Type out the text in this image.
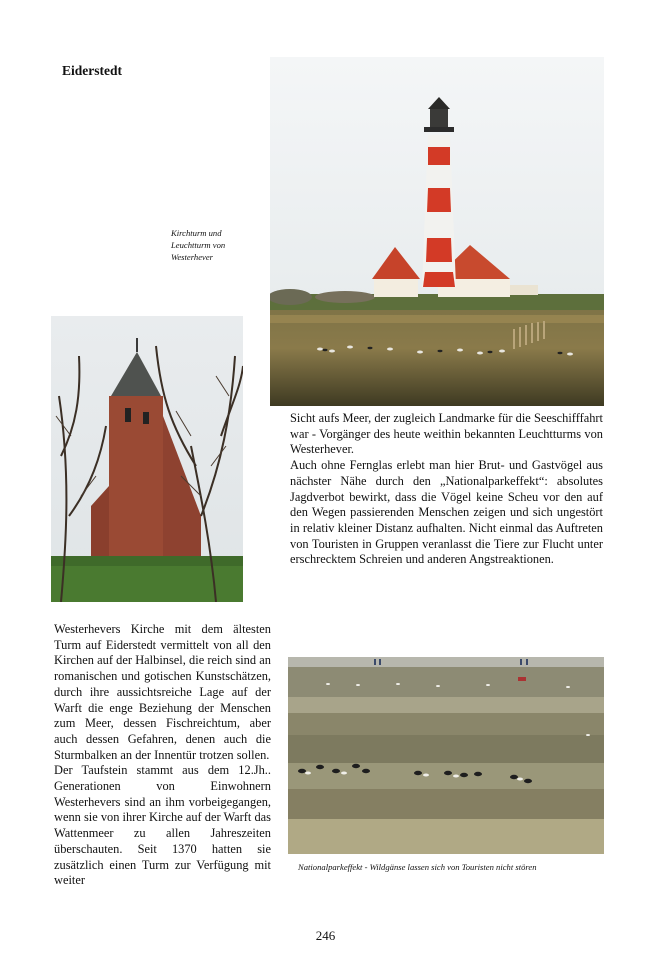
Eiderstedt
Kirchturm und Leuchtturm von Westerhever
Nationalparkeffekt - Wildgänse lassen sich von Touristen nicht stören

Sicht aufs Meer, der zugleich Landmarke für die Seeschifffahrt war - Vorgänger des heute weithin bekannten Leuchtturms von Westerhever.

Auch ohne Fernglas erlebt man hier Brut- und Gastvögel aus nächster Nähe durch den „Nationalparkeffekt“: absolutes Jagdverbot bewirkt, dass die Vögel keine Scheu vor den auf den Wegen passierenden Menschen zeigen und sich ungestört in relativ kleiner Distanz aufhalten. Nicht einmal das Auftreten von Touristen in Gruppen veranlasst die Tiere zur Flucht unter erschrecktem Schreien und anderen Angstreaktionen.

Westerhevers Kirche mit dem ältesten Turm auf Eiderstedt vermittelt von all den Kirchen auf der Halbinsel, die reich sind an romanischen und gotischen Kunstschätzen, durch ihre aussichtsreiche Lage auf der Warft die enge Beziehung der Menschen zum Meer, dessen Fischreichtum, aber auch dessen Gefahren, denen auch die Sturmbalken an der Innentür trotzen sollen.

Der Taufstein stammt aus dem 12.Jh.. Generationen von Einwohnern Westerhevers sind an ihm vorbeigegangen, wenn sie von ihrer Kirche auf der Warft das Wattenmeer zu allen Jahreszeiten überschauten. Seit 1370 hatten sie zusätzlich einen Turm zur Verfügung mit weiter

246
